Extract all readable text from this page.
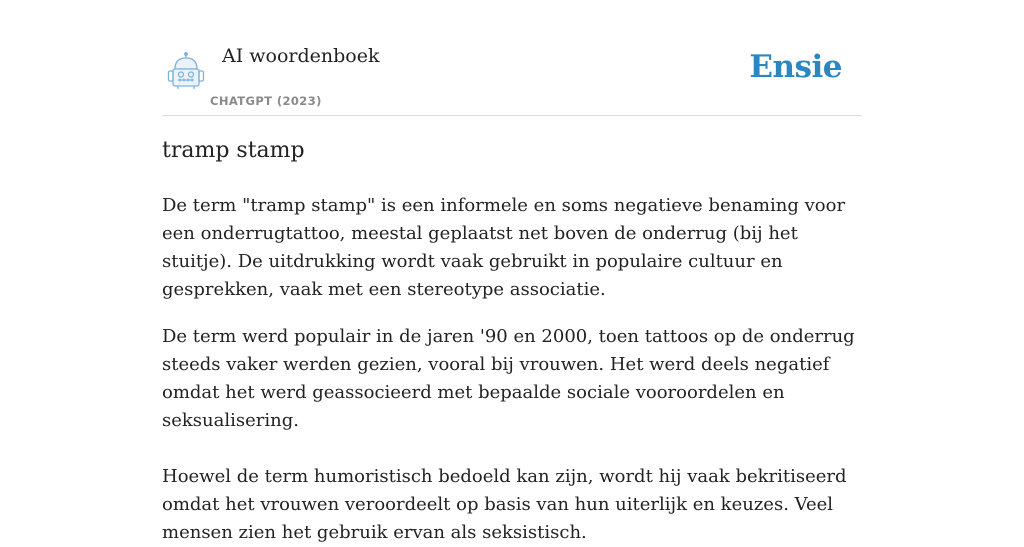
AI woordenboek
CHATGPT (2023)
Ensie
tramp stamp

De term "tramp stamp" is een informele en soms negatieve benaming voor een onderrugtattoo, meestal geplaatst net boven de onderrug (bij het stuitje). De uitdrukking wordt vaak gebruikt in populaire cultuur en gesprekken, vaak met een stereotype associatie.

De term werd populair in de jaren '90 en 2000, toen tattoos op de onderrug steeds vaker werden gezien, vooral bij vrouwen. Het werd deels negatief omdat het werd geassocieerd met bepaalde sociale vooroordelen en seksualisering.

Hoewel de term humoristisch bedoeld kan zijn, wordt hij vaak bekritiseerd omdat het vrouwen veroordeelt op basis van hun uiterlijk en keuzes. Veel mensen zien het gebruik ervan als seksistisch.
